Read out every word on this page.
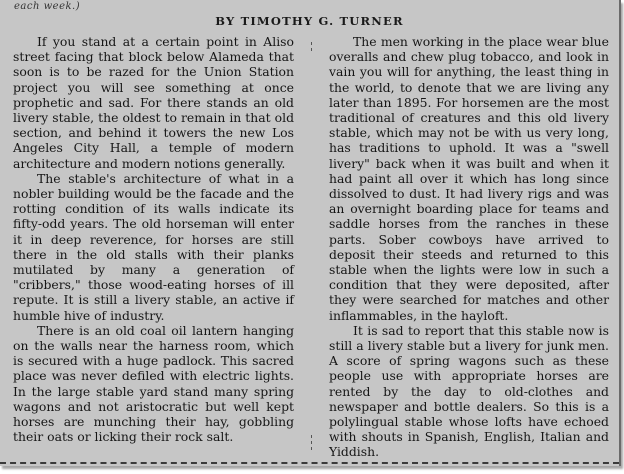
each week.)
BY TIMOTHY G. TURNER

If you stand at a certain point in Aliso street facing that block below Alameda that soon is to be razed for the Union Station project you will see something at once prophetic and sad. For there stands an old livery stable, the oldest to remain in that old section, and behind it towers the new Los Angeles City Hall, a temple of modern architecture and modern notions generally.

The stable's architecture of what in a nobler building would be the facade and the rotting condition of its walls indicate its fifty-odd years. The old horseman will enter it in deep reverence, for horses are still there in the old stalls with their planks mutilated by many a generation of "cribbers," those wood-eating horses of ill repute. It is still a livery stable, an active if humble hive of industry.

There is an old coal oil lantern hanging on the walls near the harness room, which is secured with a huge padlock. This sacred place was never defiled with electric lights. In the large stable yard stand many spring wagons and not aristocratic but well kept horses are munching their hay, gobbling their oats or licking their rock salt.

The men working in the place wear blue overalls and chew plug tobacco, and look in vain you will for anything, the least thing in the world, to denote that we are living any later than 1895. For horsemen are the most traditional of creatures and this old livery stable, which may not be with us very long, has traditions to uphold. It was a "swell livery" back when it was built and when it had paint all over it which has long since dissolved to dust. It had livery rigs and was an overnight boarding place for teams and saddle horses from the ranches in these parts. Sober cowboys have arrived to deposit their steeds and returned to this stable when the lights were low in such a condition that they were deposited, after they were searched for matches and other inflammables, in the hayloft.

It is sad to report that this stable now is still a livery stable but a livery for junk men. A score of spring wagons such as these people use with appropriate horses are rented by the day to old-clothes and newspaper and bottle dealers. So this is a polylingual stable whose lofts have echoed with shouts in Spanish, English, Italian and Yiddish.
